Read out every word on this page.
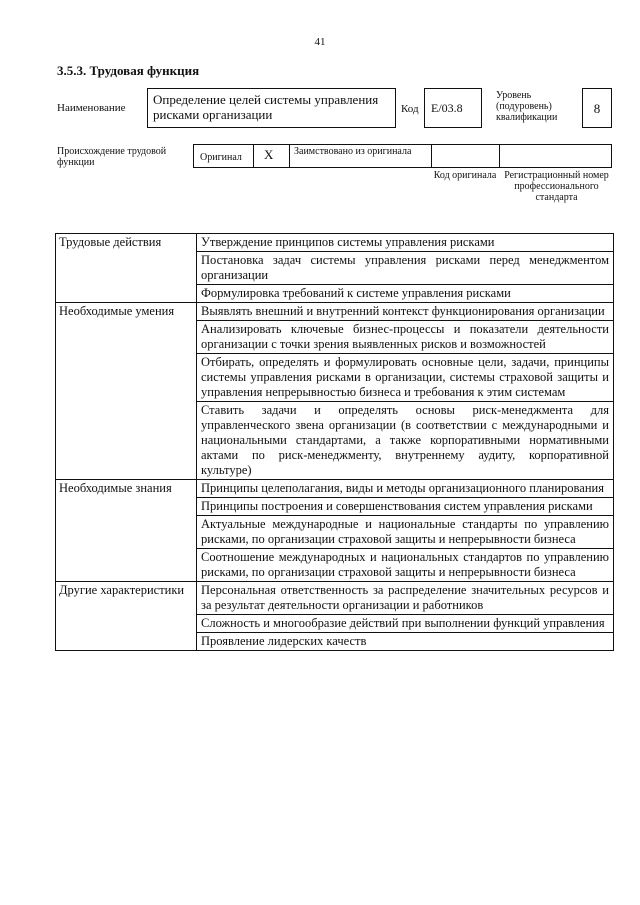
41
3.5.3. Трудовая функция
Наименование
Определение целей системы управления рисками организации	Код	E/03.8
Уровень (подуровень) квалификации
8
Происхождение трудовой функции	Оригинал	X	Заимствовано из оригинала
Код оригинала Регистрационный номер профессионального стандарта
Трудовые действия	Утверждение принципов системы управления рисками
	Постановка задач системы управления рисками перед менеджментом организации
	Формулировка требований к системе управления рисками
Необходимые умения	Выявлять внешний и внутренний контекст функционирования организации
	Анализировать ключевые бизнес-процессы и показатели деятельности организации с точки зрения выявленных рисков и возможностей
	Отбирать, определять и формулировать основные цели, задачи, принципы системы управления рисками в организации, системы страховой защиты и управления непрерывностью бизнеса и требования к этим системам
	Ставить задачи и определять основы риск-менеджмента для управленческого звена организации (в соответствии с международными и национальными стандартами, а также корпоративными нормативными актами по риск-менеджменту, внутреннему аудиту, корпоративной культуре)
Необходимые знания	Принципы целеполагания, виды и методы организационного планирования
	Принципы построения и совершенствования систем управления рисками
	Актуальные международные и национальные стандарты по управлению рисками, по организации страховой защиты и непрерывности бизнеса
	Соотношение международных и национальных стандартов по управлению рисками, по организации страховой защиты и непрерывности бизнеса
Другие характеристики	Персональная ответственность за распределение значительных ресурсов и за результат деятельности организации и работников
	Сложность и многообразие действий при выполнении функций управления
	Проявление лидерских качеств
